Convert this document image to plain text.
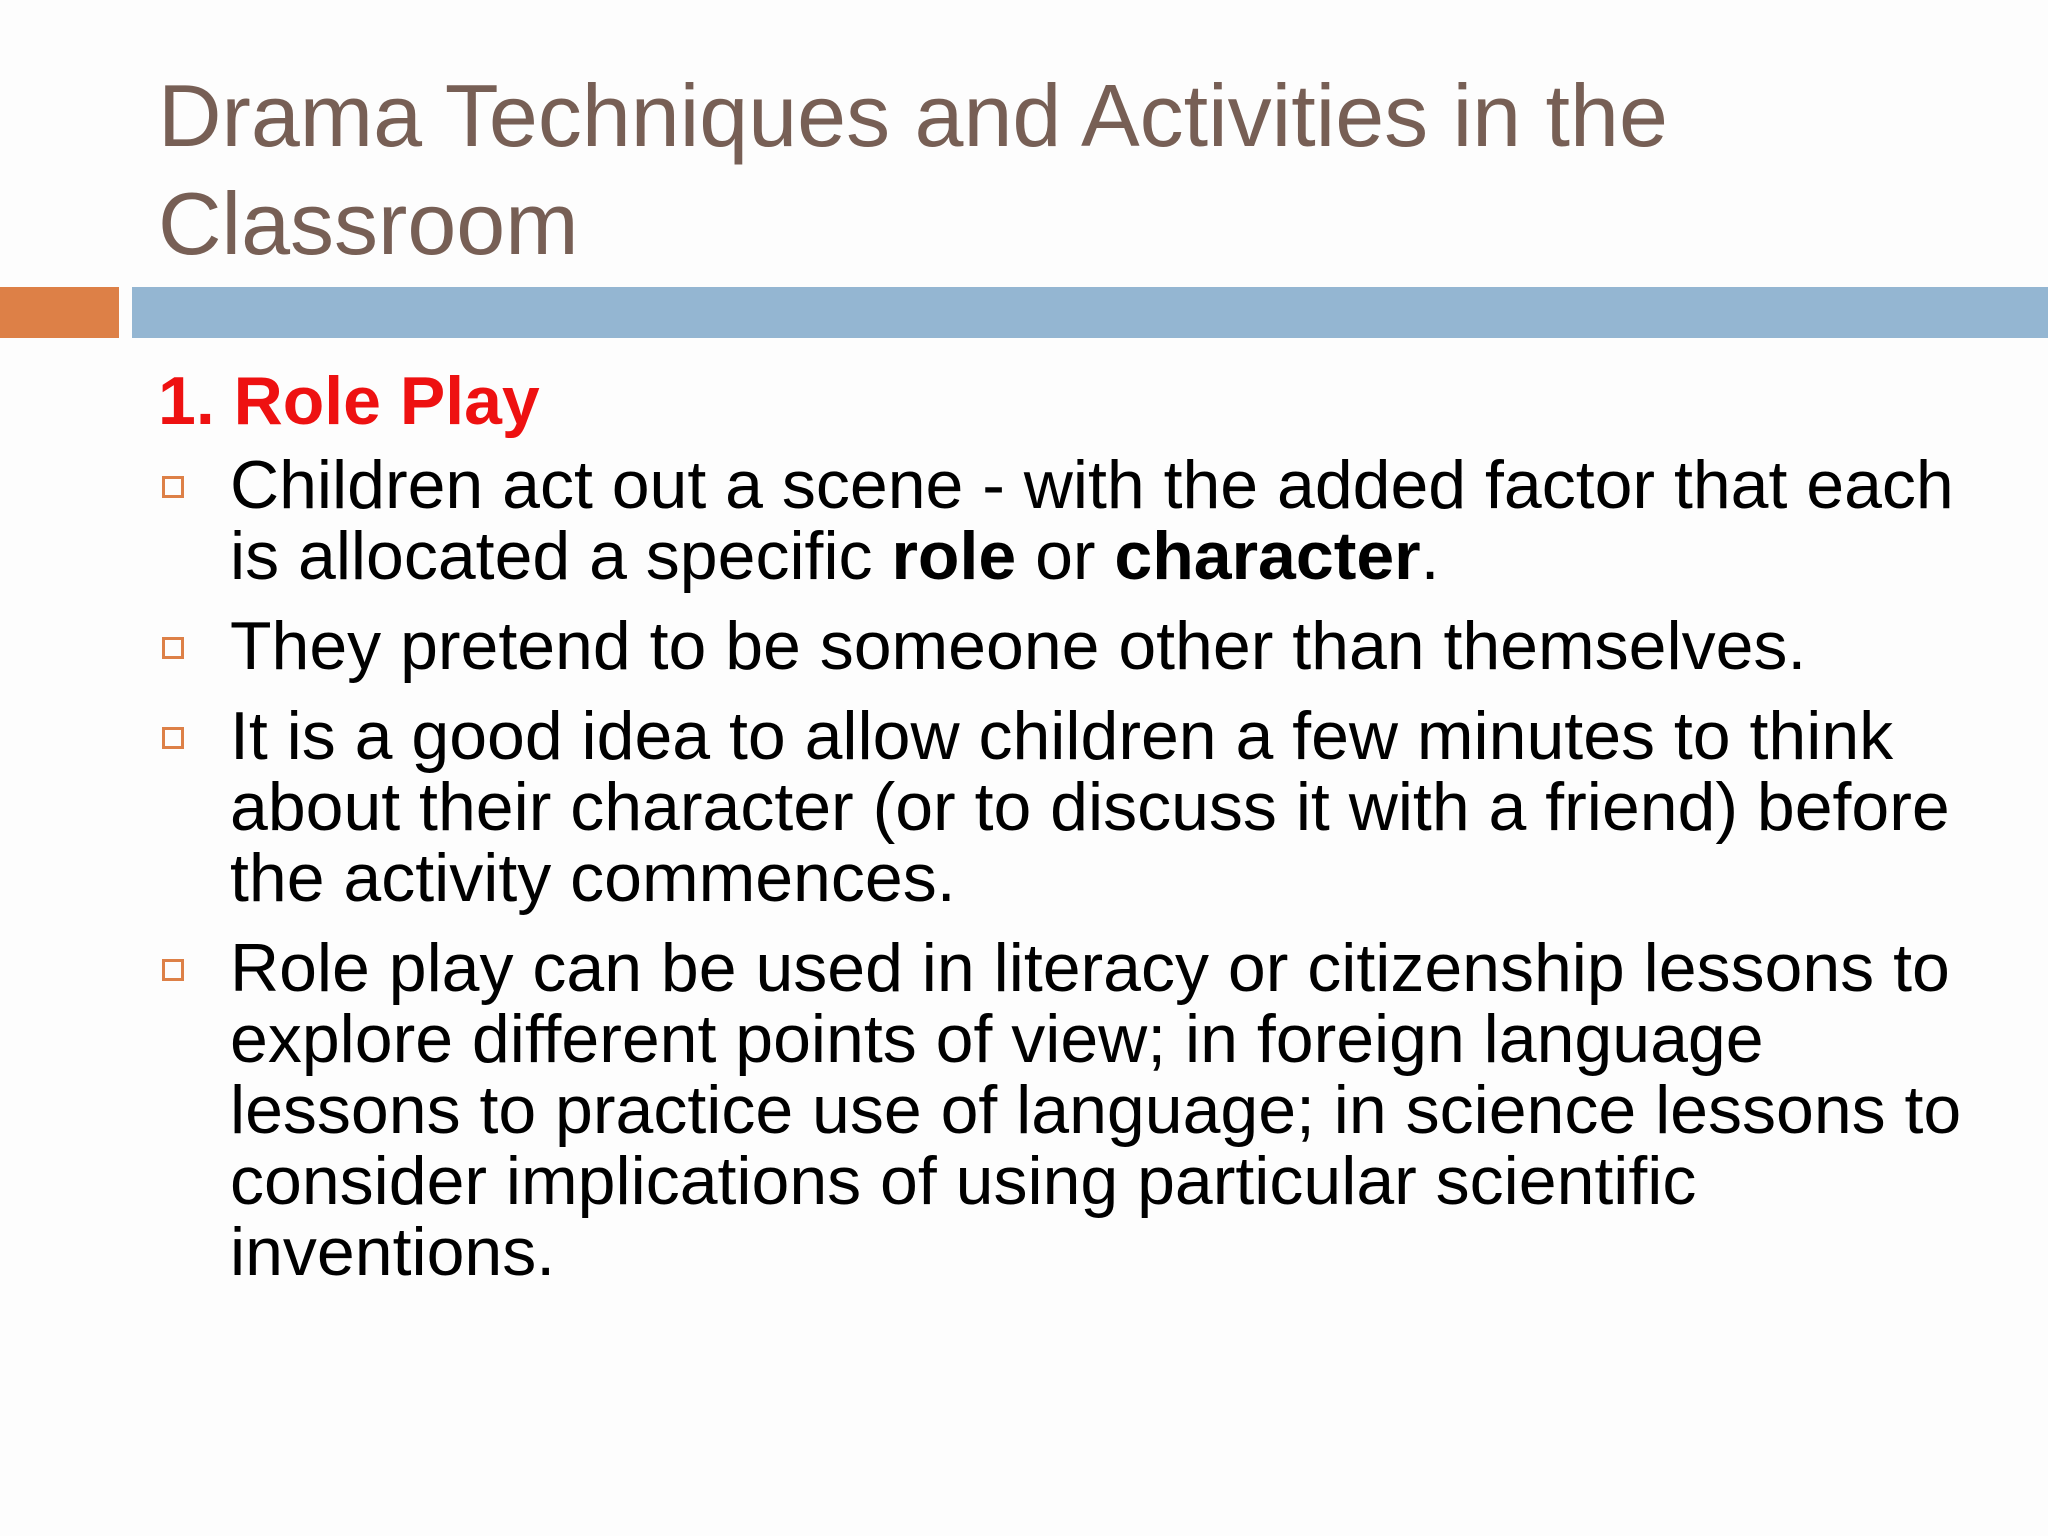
Drama Techniques and Activities in the Classroom
1. Role Play
Children act out a scene - with the added factor that each is allocated a specific role or character.
They pretend to be someone other than themselves.
It is a good idea to allow children a few minutes to think about their character (or to discuss it with a friend) before the activity commences.
Role play can be used in literacy or citizenship lessons to explore different points of view; in foreign language lessons to practice use of language; in science lessons to consider implications of using particular scientific inventions.
